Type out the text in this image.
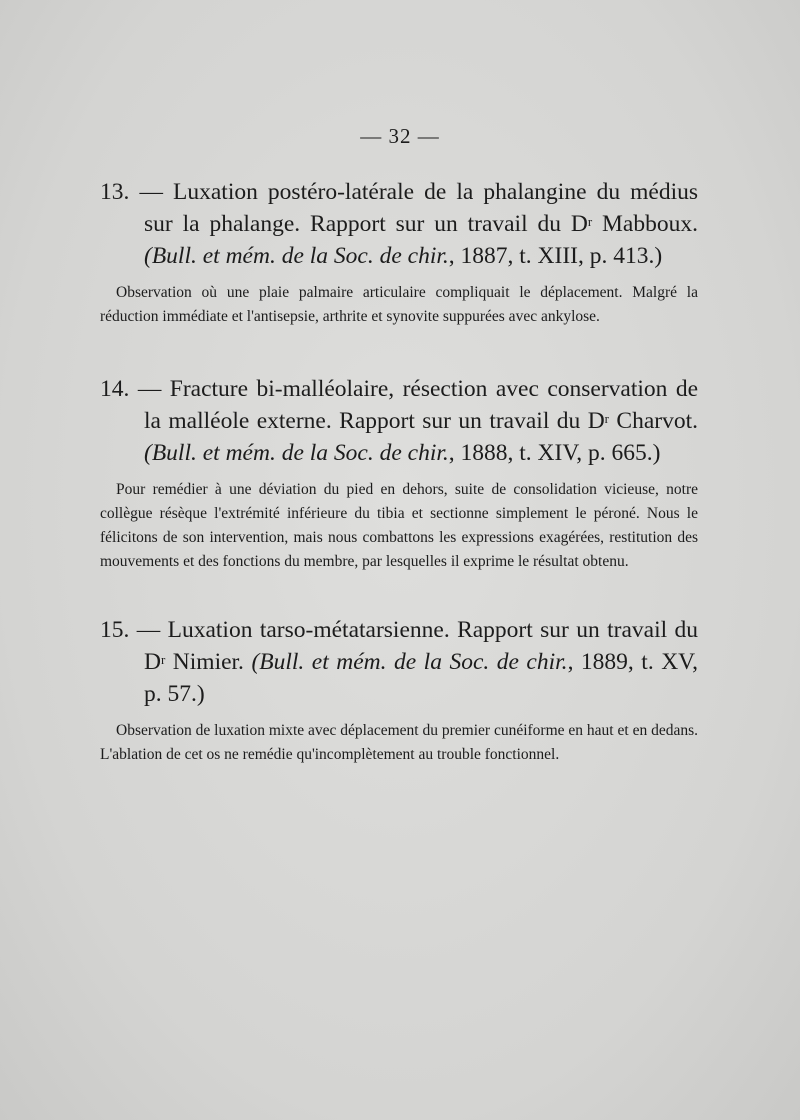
— 32 —
13. — Luxation postéro-latérale de la phalangine du médius sur la phalange. Rapport sur un travail du $D^r$ Mabboux. (Bull. et mém. de la Soc. de chir., 1887, t. XIII, p. 413.)
Observation où une plaie palmaire articulaire compliquait le déplacement. Malgré la réduction immédiate et l'antisepsie, arthrite et synovite suppurées avec ankylose.
14. — Fracture bi-malléolaire, résection avec conservation de la malléole externe. Rapport sur un travail du $D^r$ Charvot. (Bull. et mém. de la Soc. de chir., 1888, t. XIV, p. 665.)
Pour remédier à une déviation du pied en dehors, suite de consolidation vicieuse, notre collègue résèque l'extrémité inférieure du tibia et sectionne simplement le péroné. Nous le félicitons de son intervention, mais nous combattons les expressions exagérées, restitution des mouvements et des fonctions du membre, par lesquelles il exprime le résultat obtenu.
15. — Luxation tarso-métatarsienne. Rapport sur un travail du $D^r$ Nimier. (Bull. et mém. de la Soc. de chir., 1889, t. XV, p. 57.)
Observation de luxation mixte avec déplacement du premier cunéiforme en haut et en dedans. L'ablation de cet os ne remédie qu'incomplètement au trouble fonctionnel.
